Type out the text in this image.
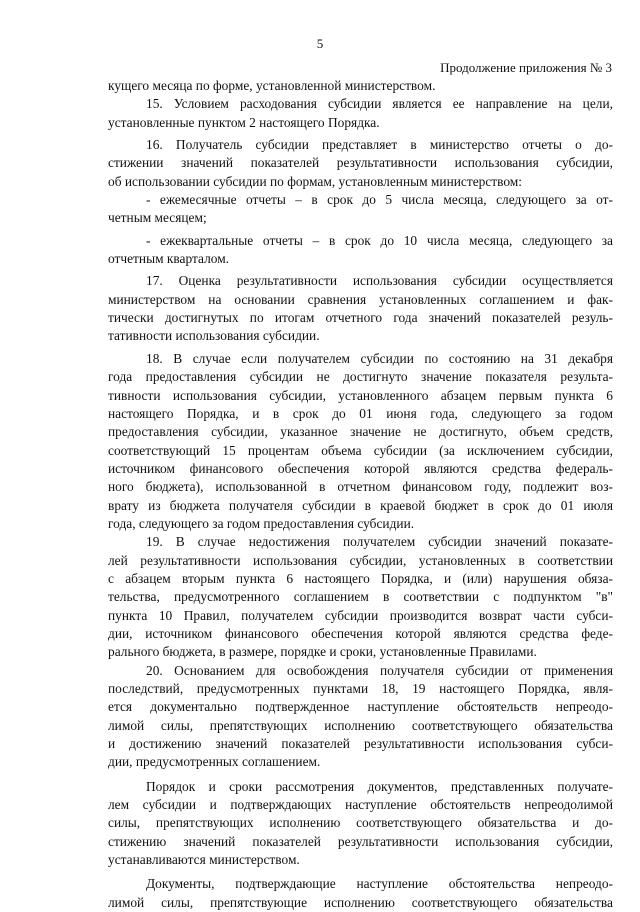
5
Продолжение приложения № 3
кущего месяца по форме, установленной министерством.
15. Условием расходования субсидии является ее направление на цели,
установленные пунктом 2 настоящего Порядка.
16. Получатель субсидии представляет в министерство отчеты о до-
стижении значений показателей результативности использования субсидии,
об использовании субсидии по формам, установленным министерством:
- ежемесячные отчеты – в срок до 5 числа месяца, следующего за от-
четным месяцем;
- ежеквартальные отчеты – в срок до 10 числа месяца, следующего за
отчетным кварталом.
17. Оценка результативности использования субсидии осуществляется
министерством на основании сравнения установленных соглашением и фак-
тически достигнутых по итогам отчетного года значений показателей резуль-
тативности использования субсидии.
18. В случае если получателем субсидии по состоянию на 31 декабря
года предоставления субсидии не достигнуто значение показателя результа-
тивности использования субсидии, установленного абзацем первым пункта 6
настоящего Порядка, и в срок до 01 июня года, следующего за годом
предоставления субсидии, указанное значение не достигнуто, объем средств,
соответствующий 15 процентам объема субсидии (за исключением субсидии,
источником финансового обеспечения которой являются средства федераль-
ного бюджета), использованной в отчетном финансовом году, подлежит воз-
врату из бюджета получателя субсидии в краевой бюджет в срок до 01 июля
года, следующего за годом предоставления субсидии.
19. В случае недостижения получателем субсидии значений показате-
лей результативности использования субсидии, установленных в соответствии
с абзацем вторым пункта 6 настоящего Порядка, и (или) нарушения обяза-
тельства, предусмотренного соглашением в соответствии с подпунктом "в"
пункта 10 Правил, получателем субсидии производится возврат части субси-
дии, источником финансового обеспечения которой являются средства феде-
рального бюджета, в размере, порядке и сроки, установленные Правилами.
20. Основанием для освобождения получателя субсидии от применения
последствий, предусмотренных пунктами 18, 19 настоящего Порядка, явля-
ется документально подтвержденное наступление обстоятельств непреодо-
лимой силы, препятствующих исполнению соответствующего обязательства
и достижению значений показателей результативности использования субси-
дии, предусмотренных соглашением.
Порядок и сроки рассмотрения документов, представленных получате-
лем субсидии и подтверждающих наступление обстоятельств непреодолимой
силы, препятствующих исполнению соответствующего обязательства и до-
стижению значений показателей результативности использования субсидии,
устанавливаются министерством.
Документы, подтверждающие наступление обстоятельства непреодо-
лимой силы, препятствующие исполнению соответствующего обязательства
